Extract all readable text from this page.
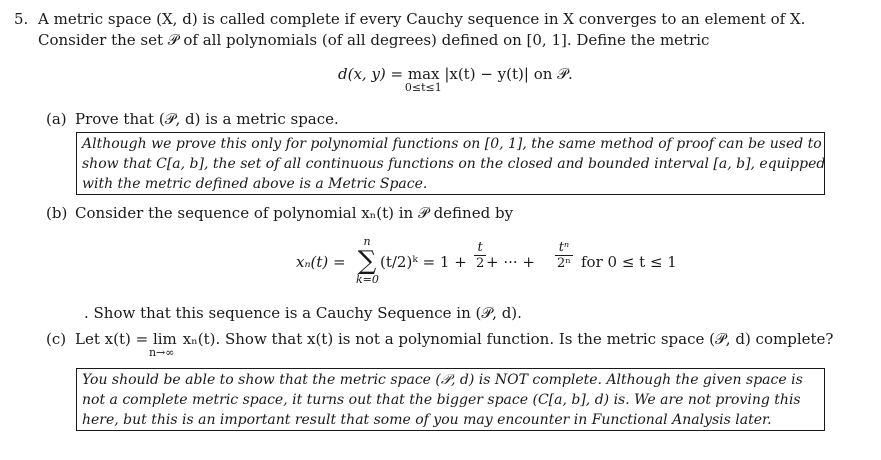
5. A metric space (X, d) is called complete if every Cauchy sequence in X converges to an element of X.
Consider the set 𝒫 of all polynomials (of all degrees) defined on [0, 1]. Define the metric
d(x, y) = max
0≤t≤1
|x(t) − y(t)| on 𝒫.
(a) Prove that (𝒫, d) is a metric space.
Although we prove this only for polynomial functions on [0, 1], the same method of proof can be used to
show that C[a, b], the set of all continuous functions on the closed and bounded interval [a, b], equipped
with the metric defined above is a Metric Space.
(b) Consider the sequence of polynomial xₙ(t) in 𝒫 defined by
xₙ(t) =
n
∑
k=0
(t/2)ᵏ = $1 + \frac{t}{2}$ + ··· + $\frac{\text{tⁿ}}{\text{2ⁿ}}$ for 0 ≤ t ≤ 1
. Show that this sequence is a Cauchy Sequence in (𝒫, d).
(c) Let x(t) = lim
n→∞
xₙ(t). Show that x(t) is not a polynomial function. Is the metric space (𝒫, d) complete?
You should be able to show that the metric space (𝒫, d) is NOT complete. Although the given space is
not a complete metric space, it turns out that the bigger space (C[a, b], d) is. We are not proving this
here, but this is an important result that some of you may encounter in Functional Analysis later.
